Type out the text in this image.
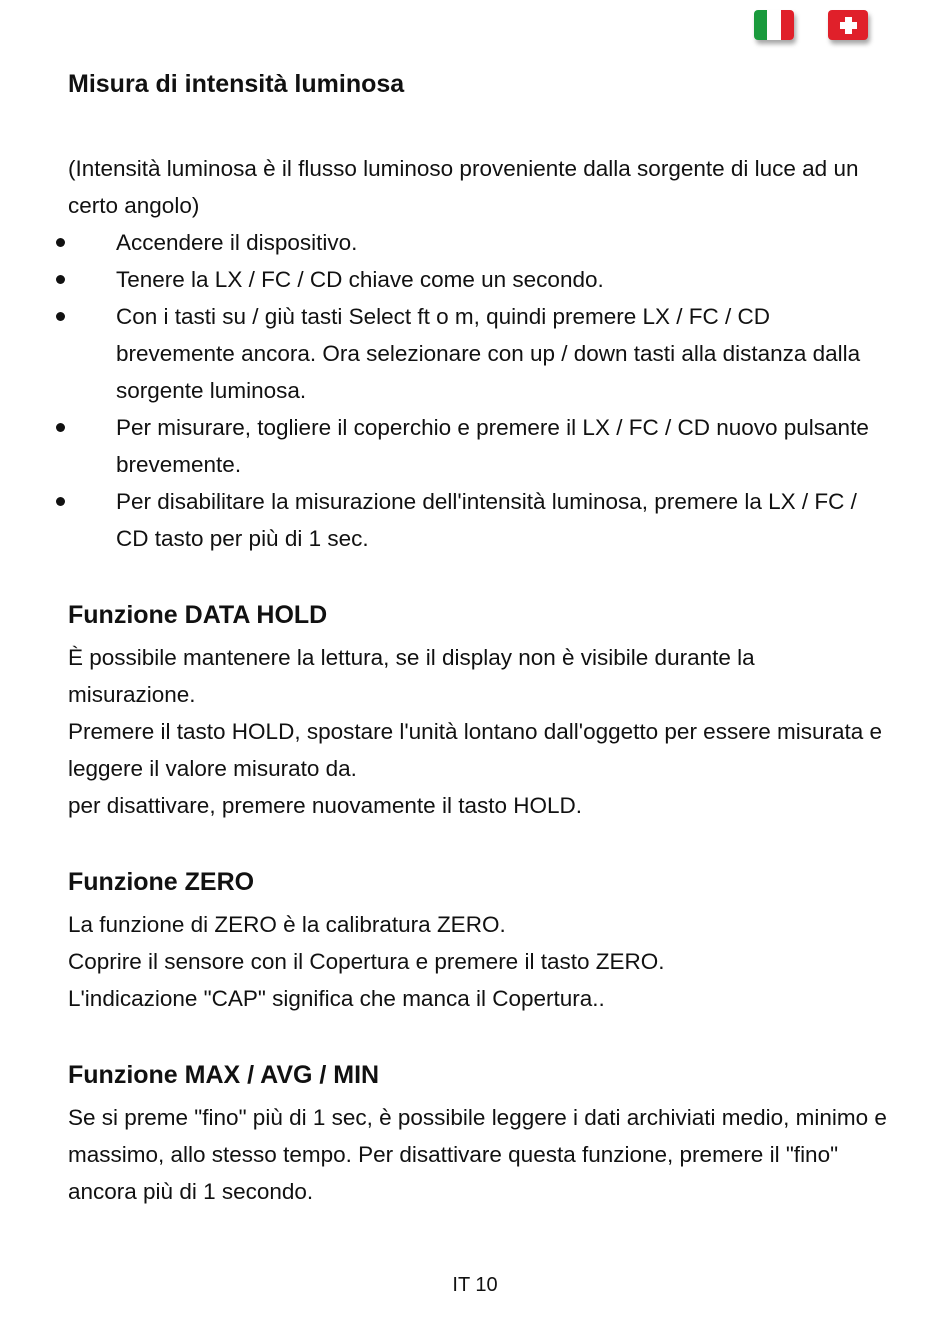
Misura di intensità luminosa

(Intensità luminosa è il flusso luminoso proveniente dalla sorgente di luce ad un certo angolo)

Accendere il dispositivo.
Tenere la LX / FC / CD chiave come un secondo.
Con i tasti su / giù tasti Select ft o m, quindi premere LX / FC / CD brevemente ancora. Ora selezionare con up / down tasti alla distanza dalla sorgente luminosa.
Per misurare, togliere il coperchio e premere il LX / FC / CD nuovo pulsante brevemente.
Per disabilitare la misurazione dell'intensità luminosa, premere la LX / FC / CD tasto per più di 1 sec.
Funzione DATA HOLD

È possibile mantenere la lettura, se il display non è visibile durante la misurazione.

Premere il tasto HOLD, spostare l'unità lontano dall'oggetto per essere misurata e leggere il valore misurato da.

per disattivare, premere nuovamente il tasto HOLD.

Funzione ZERO

La funzione di ZERO è la calibratura ZERO.

Coprire il sensore con il Copertura e premere il tasto ZERO.

L'indicazione "CAP" significa che manca il Copertura..

Funzione MAX / AVG / MIN

Se si preme "fino" più di 1 sec, è possibile leggere i dati archiviati medio, minimo e massimo, allo stesso tempo. Per disattivare questa funzione, premere il "fino" ancora più di 1 secondo.

IT 10
